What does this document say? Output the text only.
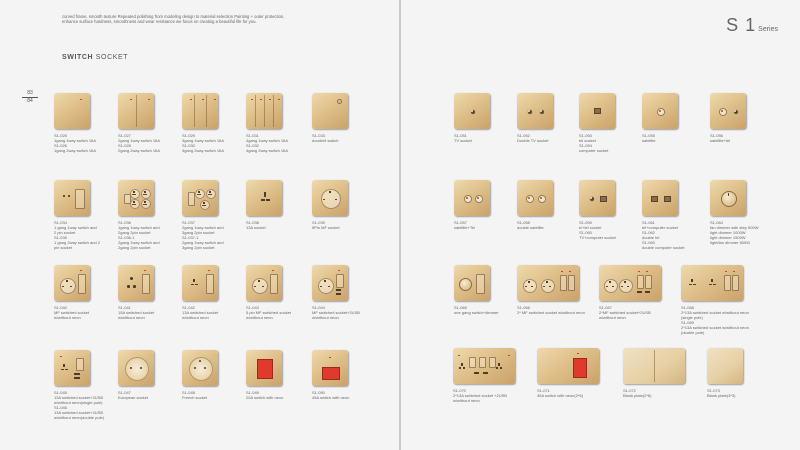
curved frame, smooth texture Repeated polishing from modeling design to material selection Painting + outer protection, enhance surface hardness, smoothness and wear resistance we focus on creating a beautiful life for you.

SWITCH SOCKET

83
84
S1-025
1gang 1way switch 16A
S1-026
1gang 2way switch 16A
S1-027
2gang 1way switch 16A
S1-028
2gang 2way switch 16A
S1-029
3gang 1way switch 16A
S1-030
3gang 2way switch 16A
S1-031
4gang 1way switch 16A
S1-032
4gang 2way switch 16A
S1-033
doorbell switch
S1-034
1 gang 1way switch and
2 pin socket
S1-035
1 gang 2way switch and 2
pin socket
S1-036
1gang 1way switch and
2gang 2pin socket
S1-036-1
2gang 1way switch and
2gang 2pin socket
S1-037
2gang 1way switch and
3gang 2pin socket
S1-037-1
2gang 1way switch and
3gang 2pin socket
S1-038
13A socket
S1-039
5Pin MF socket
S1-040
MF switched socket
w/without neon
S1-041
15A switched socket
w/without neon
S1-042
13A switched socket
w/without neon
S1-043
5 pin MF switched socket
w/without neon
S1-044
MF switched socket+2USB
w/without neon
S1-045
13A switched socket+2USB
w/without neon(single pole)
S1-046
13A switched socket+2USB
w/without neon(double pole)
S1-047
European socket
S1-048
French socket
S1-049
20A switch with neon
S1-050
45A switch with neon
S 1 Series
S1-051
TV socket
S1-052
Double TV socket
S1-053
tel socket
S1-054
computer socket
S1-055
satellite
S1-056
satellite+tel
S1-057
satellite+Tel
S1-058
double satellite
S1-059
tv+tel socket
S1-060
TV+computer socket
S1-061
tel+computer socket
S1-062
double tel
S1-063
double computer socket
S1-064
fan dimmer with step 500W
light dimmer 1000W
light dimmer 1500W
light/fan dimmer 500W
S1-065
one gang switch+dimmer
S1-066
2* MF switched socket w/without neon
S1-067
2*MF switched socket+2USB
w/without neon
S1-068
2*13A switched socket w/without neon
(single pole)
S1-069
2*13A switched socket w/without neon
(double pole)
S1-070
2*13A switched socket +2USB
w/without neon
S1-071
45A switch with neon(2*6)
S1-072
Blank plate(2*6)
S1-073
Blank plate(3*3)
